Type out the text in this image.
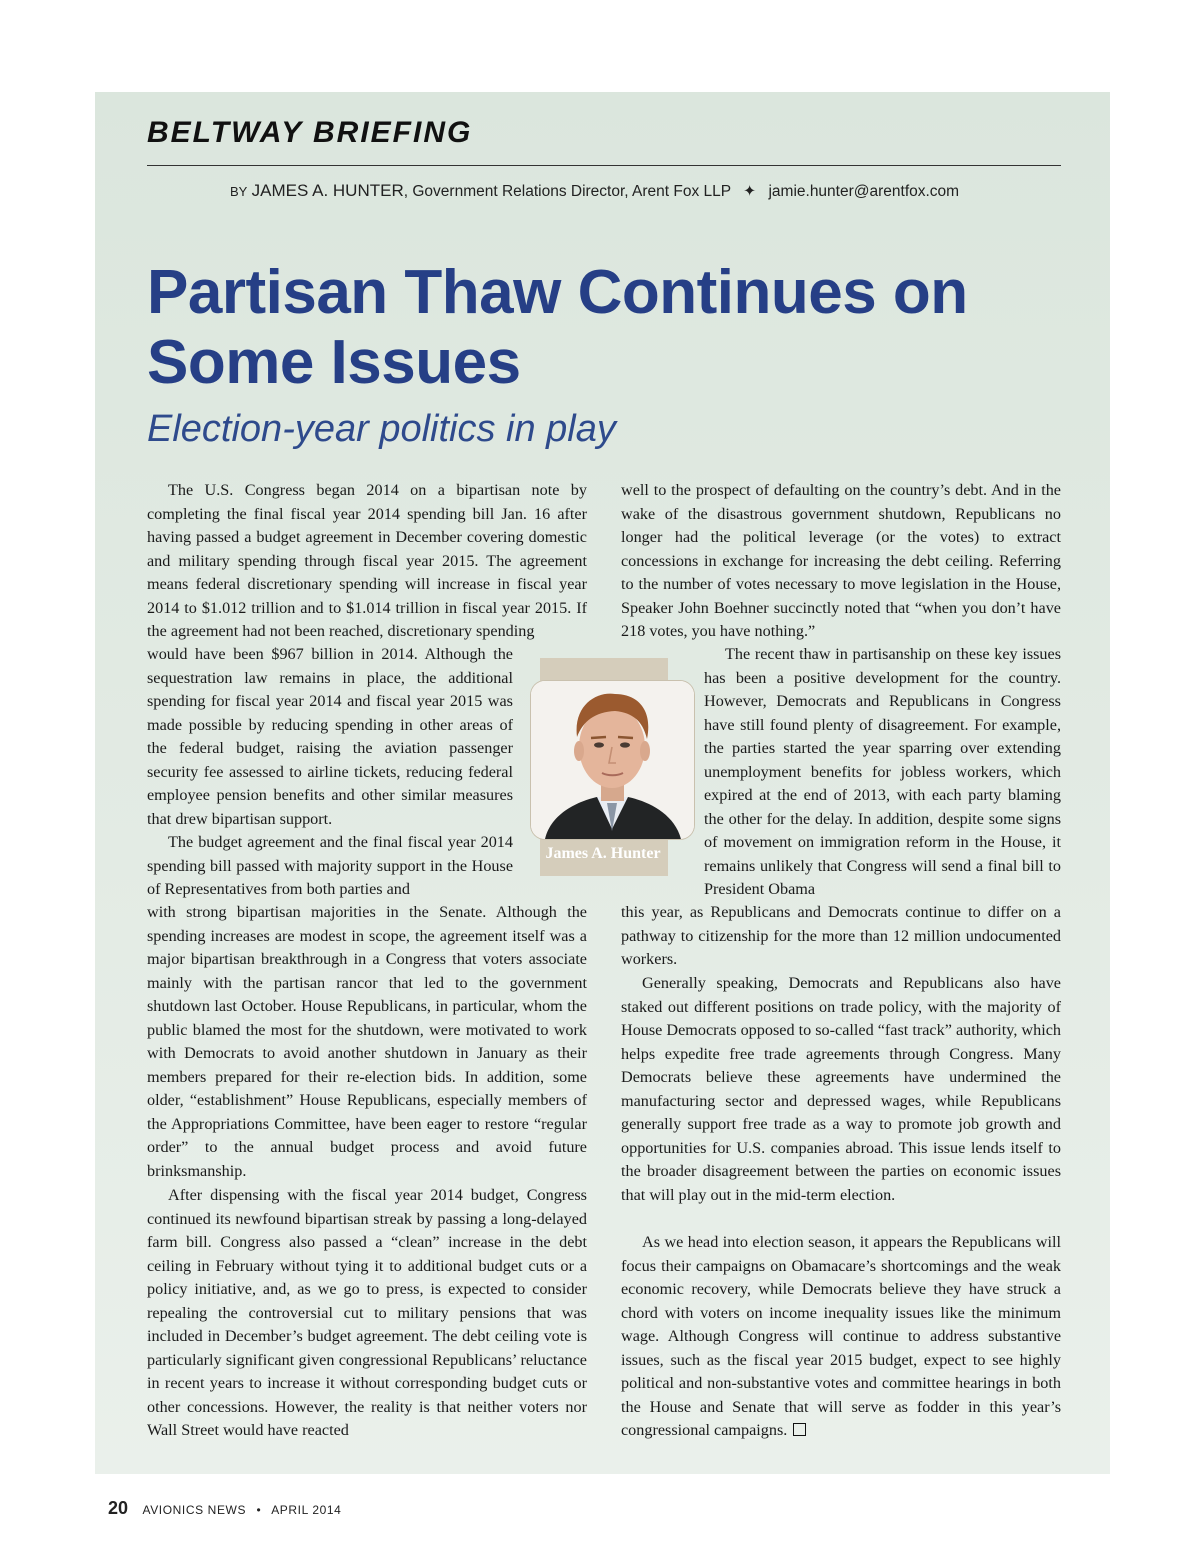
BELTWAY BRIEFING
BY JAMES A. HUNTER, Government Relations Director, Arent Fox LLP ✦ jamie.hunter@arentfox.com
Partisan Thaw Continues on Some Issues
Election-year politics in play

The U.S. Congress began 2014 on a bipartisan note by completing the final fiscal year 2014 spending bill Jan. 16 after having passed a budget agreement in December covering domestic and military spending through fiscal year 2015. The agreement means federal discretionary spending will increase in fiscal year 2014 to $1.012 trillion and to $1.014 trillion in fiscal year 2015. If the agreement had not been reached, discretionary spending

would have been $967 billion in 2014. Although the sequestration law remains in place, the additional spending for fiscal year 2014 and fiscal year 2015 was made possible by reducing spending in other areas of the federal budget, raising the aviation passenger security fee assessed to airline tickets, reducing federal employee pension benefits and other similar measures that drew bipartisan support.

The budget agreement and the final fiscal year 2014 spending bill passed with majority support in the House of Representatives from both parties and

with strong bipartisan majorities in the Senate. Although the spending increases are modest in scope, the agreement itself was a major bipartisan breakthrough in a Congress that voters associate mainly with the partisan rancor that led to the government shutdown last October. House Republicans, in particular, whom the public blamed the most for the shutdown, were motivated to work with Democrats to avoid another shutdown in January as their members prepared for their re-election bids. In addition, some older, “establishment” House Republicans, especially members of the Appropriations Committee, have been eager to restore “regular order” to the annual budget process and avoid future brinksmanship.

After dispensing with the fiscal year 2014 budget, Congress continued its newfound bipartisan streak by passing a long-delayed farm bill. Congress also passed a “clean” increase in the debt ceiling in February without tying it to additional budget cuts or a policy initiative, and, as we go to press, is expected to consider repealing the controversial cut to military pensions that was included in December’s budget agreement. The debt ceiling vote is particularly significant given congressional Republicans’ reluctance in recent years to increase it without corresponding budget cuts or other concessions. However, the reality is that neither voters nor Wall Street would have reacted

James A. Hunter

well to the prospect of defaulting on the country’s debt. And in the wake of the disastrous government shutdown, Republicans no longer had the political leverage (or the votes) to extract concessions in exchange for increasing the debt ceiling. Referring to the number of votes necessary to move legislation in the House, Speaker John Boehner succinctly noted that “when you don’t have 218 votes, you have nothing.”

The recent thaw in partisanship on these key issues has been a positive development for the country. However, Democrats and Republicans in Congress have still found plenty of disagreement. For example, the parties started the year sparring over extending unemployment benefits for jobless workers, which expired at the end of 2013, with each party blaming the other for the delay. In addition, despite some signs of movement on immigration reform in the House, it remains unlikely that Congress will send a final bill to President Obama

this year, as Republicans and Democrats continue to differ on a pathway to citizenship for the more than 12 million undocumented workers.

Generally speaking, Democrats and Republicans also have staked out different positions on trade policy, with the majority of House Democrats opposed to so-called “fast track” authority, which helps expedite free trade agreements through Congress. Many Democrats believe these agreements have undermined the manufacturing sector and depressed wages, while Republicans generally support free trade as a way to promote job growth and opportunities for U.S. companies abroad. This issue lends itself to the broader disagreement between the parties on economic issues that will play out in the mid-term election.

As we head into election season, it appears the Republicans will focus their campaigns on Obamacare’s shortcomings and the weak economic recovery, while Democrats believe they have struck a chord with voters on income inequality issues like the minimum wage. Although Congress will continue to address substantive issues, such as the fiscal year 2015 budget, expect to see highly political and non-substantive votes and committee hearings in both the House and Senate that will serve as fodder in this year’s congressional campaigns.

20 AVIONICS NEWS • APRIL 2014
